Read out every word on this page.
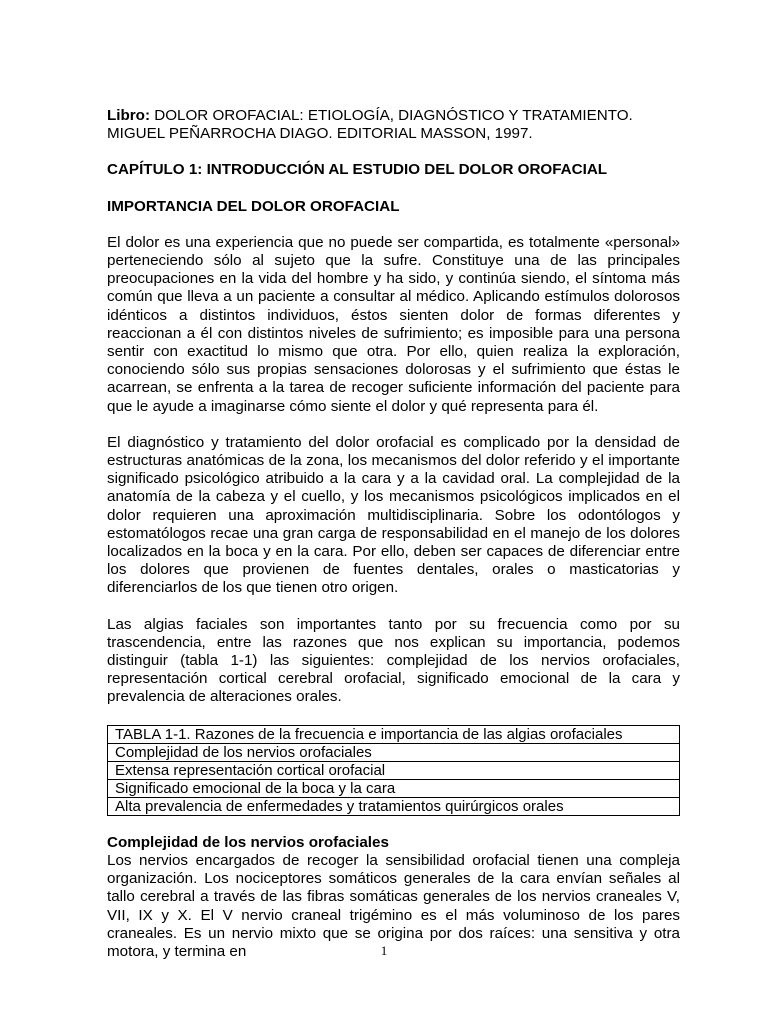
Libro: DOLOR OROFACIAL: ETIOLOGÍA, DIAGNÓSTICO Y TRATAMIENTO. MIGUEL PEÑARROCHA DIAGO. EDITORIAL MASSON, 1997.

CAPÍTULO 1: INTRODUCCIÓN AL ESTUDIO DEL DOLOR OROFACIAL

IMPORTANCIA DEL DOLOR OROFACIAL

El dolor es una experiencia que no puede ser compartida, es totalmente «personal» perteneciendo sólo al sujeto que la sufre. Constituye una de las principales preocupaciones en la vida del hombre y ha sido, y continúa siendo, el síntoma más común que lleva a un paciente a consultar al médico. Aplicando estímulos dolorosos idénticos a distintos individuos, éstos sienten dolor de formas diferentes y reaccionan a él con distintos niveles de sufrimiento; es imposible para una persona sentir con exactitud lo mismo que otra. Por ello, quien realiza la exploración, conociendo sólo sus propias sensaciones dolorosas y el sufrimiento que éstas le acarrean, se enfrenta a la tarea de recoger suficiente información del paciente para que le ayude a imaginarse cómo siente el dolor y qué representa para él.

El diagnóstico y tratamiento del dolor orofacial es complicado por la densidad de estructuras anatómicas de la zona, los mecanismos del dolor referido y el importante significado psicológico atribuido a la cara y a la cavidad oral. La complejidad de la anatomía de la cabeza y el cuello, y los mecanismos psicológicos implicados en el dolor requieren una aproximación multidisciplinaria. Sobre los odontólogos y estomatólogos recae una gran carga de responsabilidad en el manejo de los dolores localizados en la boca y en la cara. Por ello, deben ser capaces de diferenciar entre los dolores que provienen de fuentes dentales, orales o masticatorias y diferenciarlos de los que tienen otro origen.

Las algias faciales son importantes tanto por su frecuencia como por su trascendencia, entre las razones que nos explican su importancia, podemos distinguir (tabla 1-1) las siguientes: complejidad de los nervios orofaciales, representación cortical cerebral orofacial, significado emocional de la cara y prevalencia de alteraciones orales.

TABLA 1-1. Razones de la frecuencia e importancia de las algias orofaciales
Complejidad de los nervios orofaciales
Extensa representación cortical orofacial
Significado emocional de la boca y la cara
Alta prevalencia de enfermedades y tratamientos quirúrgicos orales

Complejidad de los nervios orofaciales

Los nervios encargados de recoger la sensibilidad orofacial tienen una compleja organización. Los nociceptores somáticos generales de la cara envían señales al tallo cerebral a través de las fibras somáticas generales de los nervios craneales V, VII, IX y X. El V nervio craneal trigémino es el más voluminoso de los pares craneales. Es un nervio mixto que se origina por dos raíces: una sensitiva y otra motora, y termina en	1
